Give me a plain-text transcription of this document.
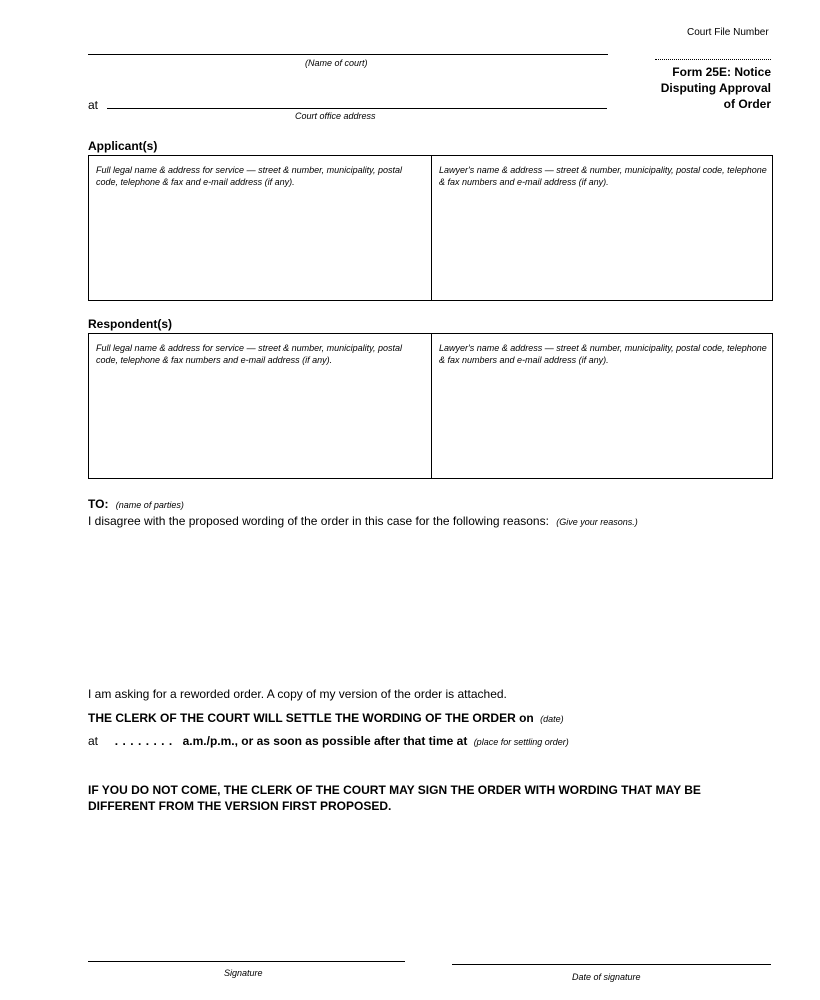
Court File Number
(Name of court)
at
Court office address
Form 25E: Notice
Disputing Approval
of Order
Applicant(s)
Full legal name & address for service — street & number, municipality, postal code, telephone & fax and e-mail address (if any).
Lawyer's name & address — street & number, municipality, postal code, telephone & fax numbers and e-mail address (if any).
Respondent(s)
Full legal name & address for service — street & number, municipality, postal code, telephone & fax numbers and e-mail address (if any).
Lawyer's name & address — street & number, municipality, postal code, telephone & fax numbers and e-mail address (if any).
TO: (name of parties)
I disagree with the proposed wording of the order in this case for the following reasons: (Give your reasons.)
I am asking for a reworded order. A copy of my version of the order is attached.
THE CLERK OF THE COURT WILL SETTLE THE WORDING OF THE ORDER on (date)
at  . . . . . . . . a.m./p.m., or as soon as possible after that time at (place for settling order)
IF YOU DO NOT COME, THE CLERK OF THE COURT MAY SIGN THE ORDER WITH WORDING THAT MAY BE
DIFFERENT FROM THE VERSION FIRST PROPOSED.
Signature	Date of signature
